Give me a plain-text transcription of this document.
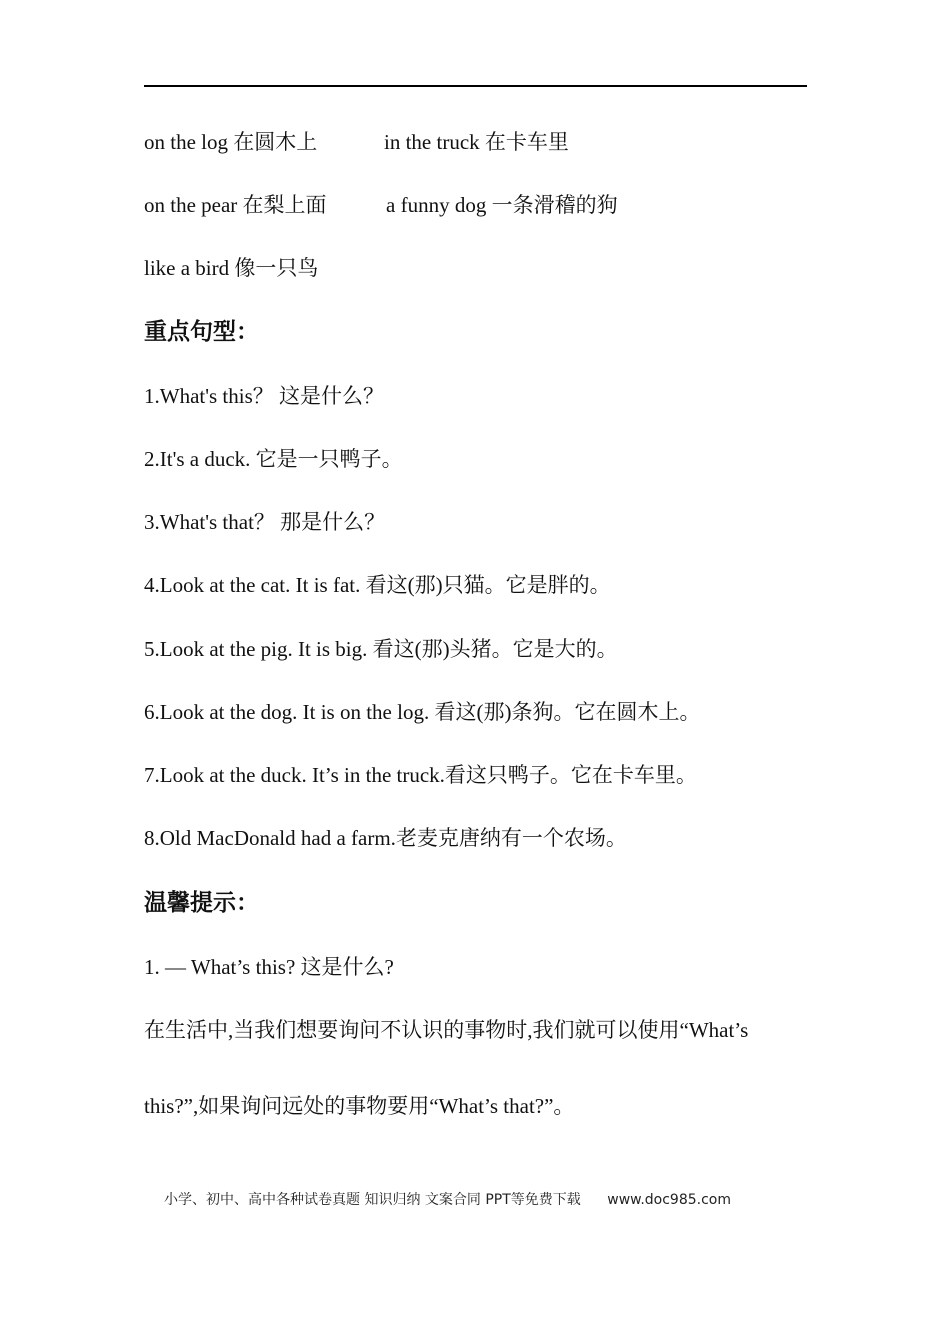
on the log 在圆木上	in the truck 在卡车里
on the pear 在梨上面	a funny dog 一条滑稽的狗
like a bird 像一只鸟
重点句型：
1.What's this？ 这是什么？
2.It's a duck. 它是一只鸭子。
3.What's that？ 那是什么？
4.Look at the cat. It is fat. 看这(那)只猫。它是胖的。
5.Look at the pig. It is big. 看这(那)头猪。它是大的。
6.Look at the dog. It is on the log. 看这(那)条狗。它在圆木上。
7.Look at the duck. It’s in the truck.看这只鸭子。它在卡车里。
8.Old MacDonald had a farm.老麦克唐纳有一个农场。
温馨提示：
1. — What’s this? 这是什么?
在生活中,当我们想要询问不认识的事物时,我们就可以使用“What’s
this?”,如果询问远处的事物要用“What’s that?”。
小学、初中、高中各种试卷真题 知识归纳 文案合同 PPT等免费下载 www.doc985.com
